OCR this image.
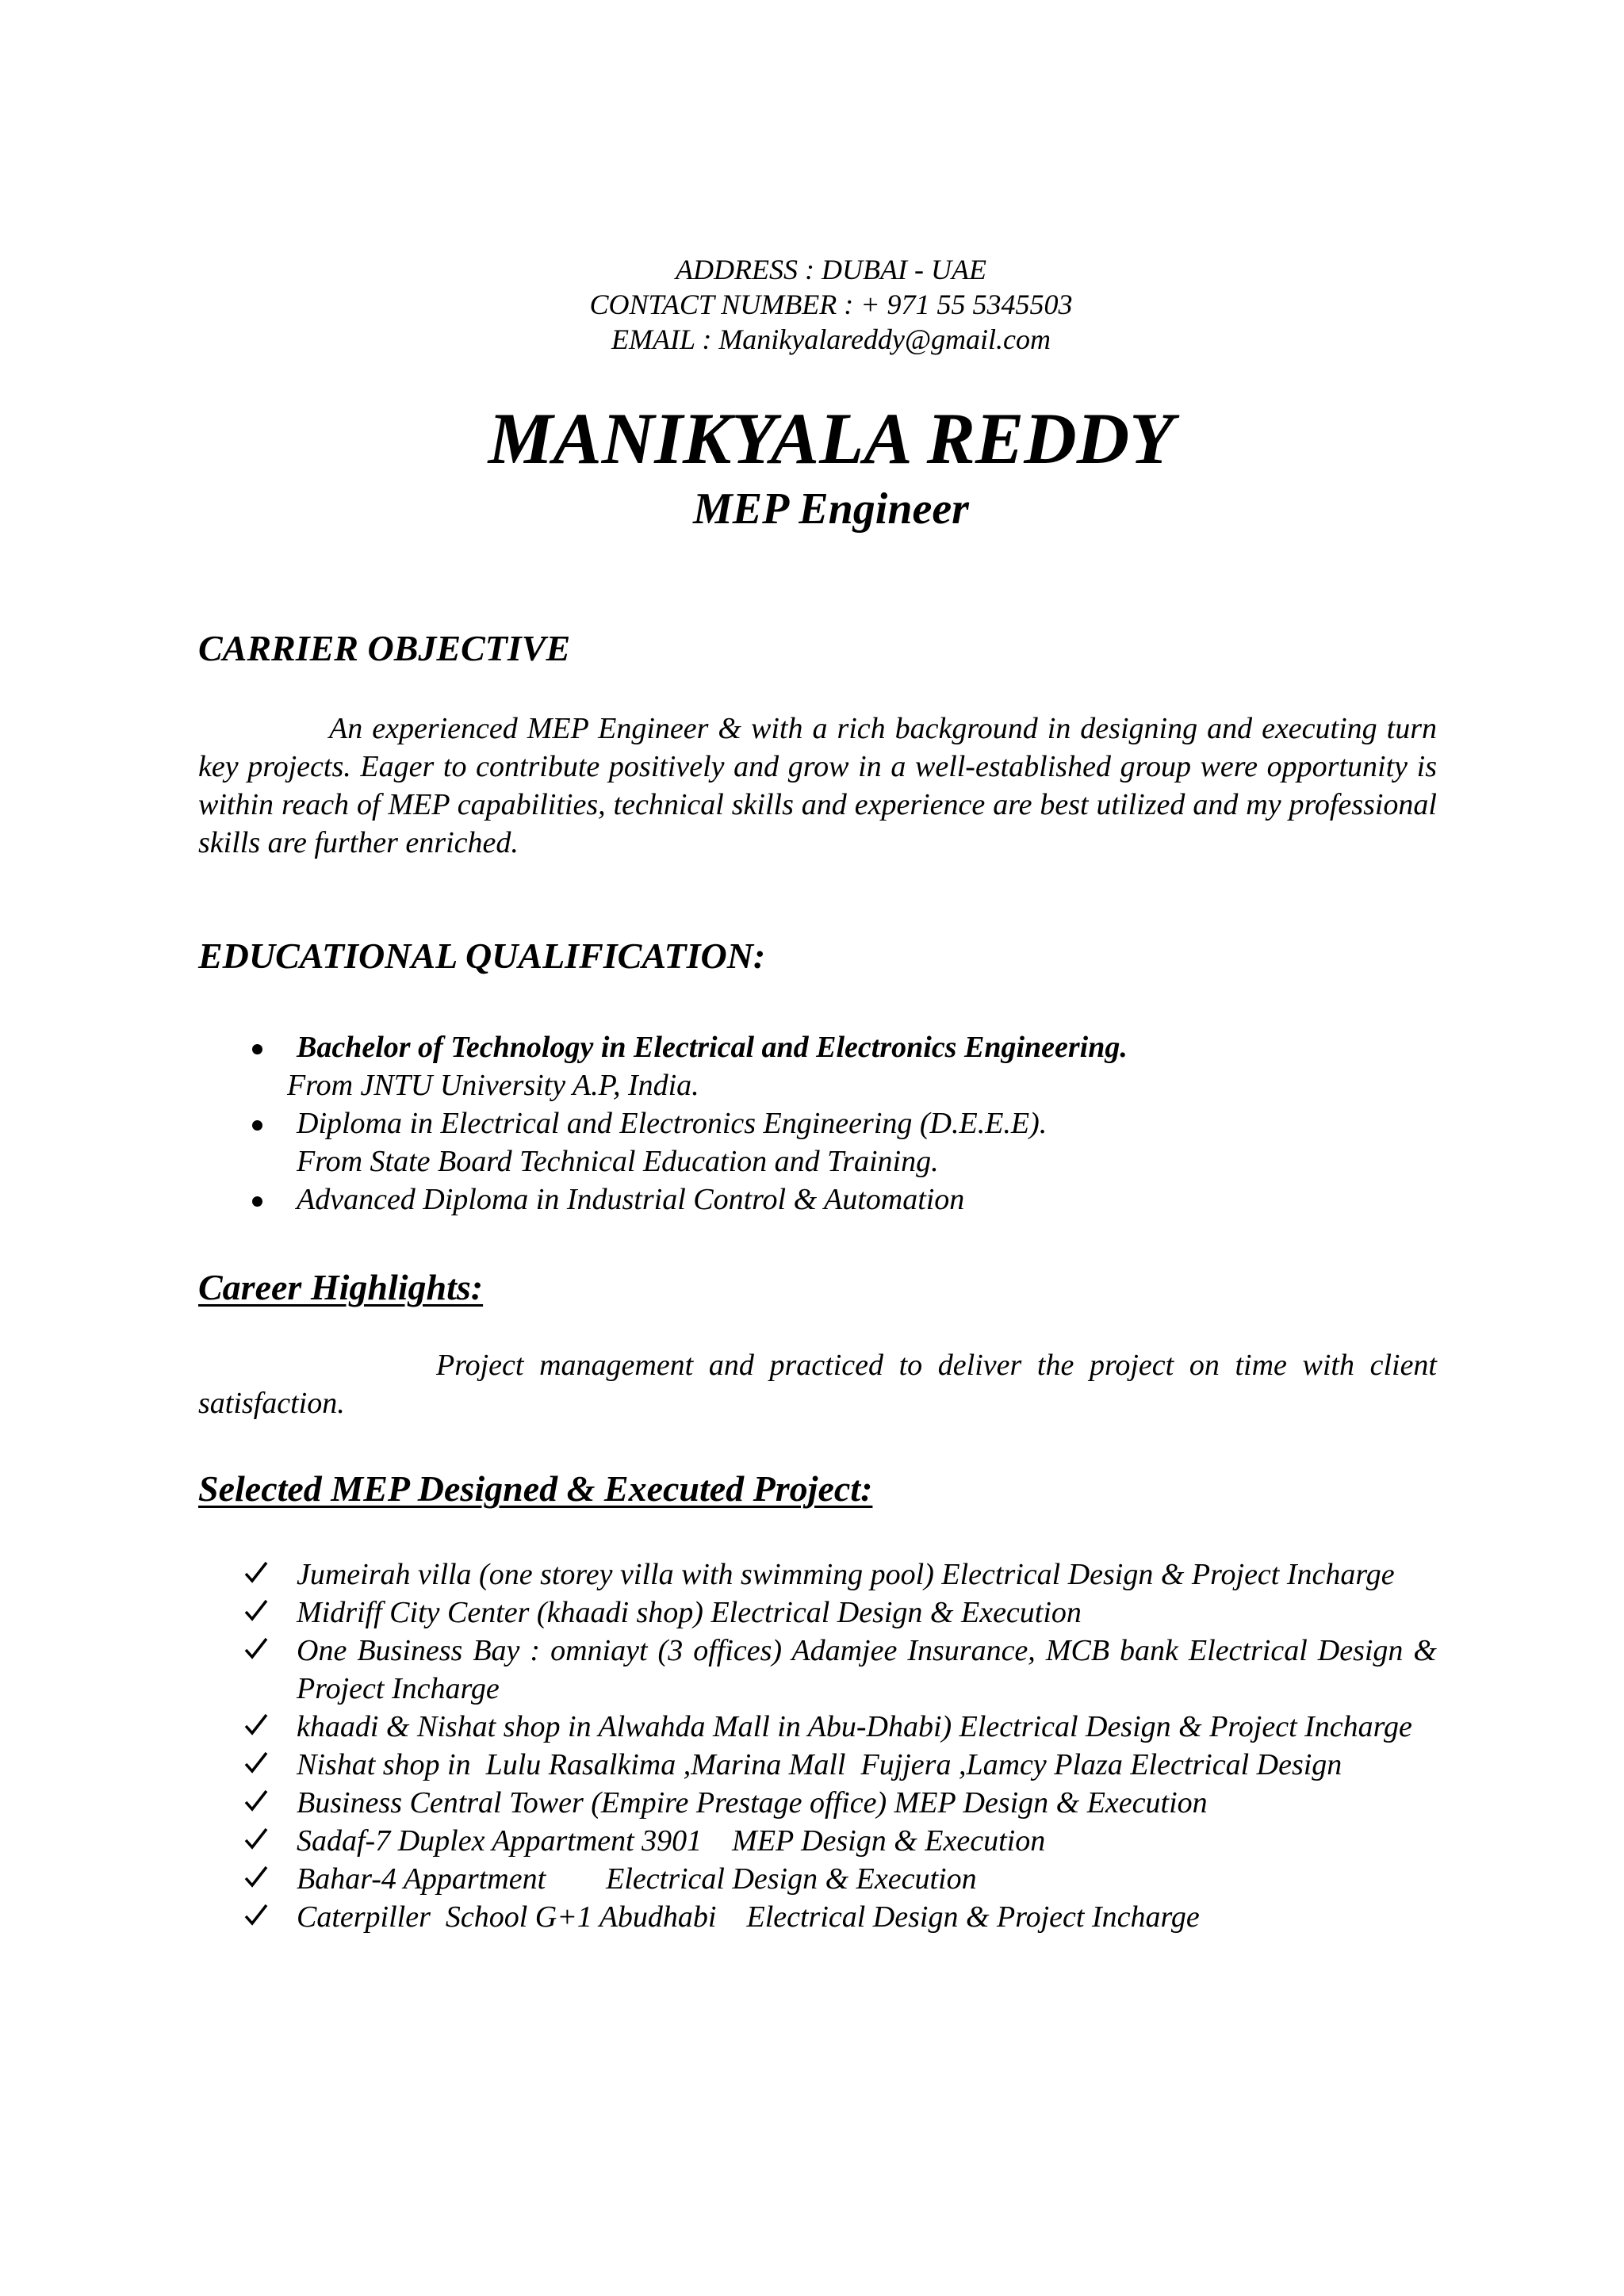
ADDRESS : DUBAI - UAE
CONTACT NUMBER : + 971 55 5345503
EMAIL : Manikyalareddy@gmail.com
MANIKYALA REDDY
MEP Engineer
CARRIER OBJECTIVE
An experienced MEP Engineer & with a rich background in designing and executing turn key projects. Eager to contribute positively and grow in a well-established group were opportunity is within reach of MEP capabilities, technical skills and experience are best utilized and my professional skills are further enriched.
EDUCATIONAL QUALIFICATION:
Bachelor of Technology in Electrical and Electronics Engineering.
From JNTU University A.P, India.
Diploma in Electrical and Electronics Engineering (D.E.E.E).
From State Board Technical Education and Training.
Advanced Diploma in Industrial Control & Automation
Career Highlights:
Project management and practiced to deliver the project on time with client satisfaction.
Selected MEP Designed & Executed Project:
Jumeirah villa (one storey villa with swimming pool) Electrical Design & Project Incharge
Midriff City Center (khaadi shop) Electrical Design & Execution
One Business Bay : omniayt (3 offices) Adamjee Insurance, MCB bank Electrical Design & Project Incharge
khaadi & Nishat shop in Alwahda Mall in Abu-Dhabi) Electrical Design & Project Incharge
Nishat shop in  Lulu Rasalkima ,Marina Mall  Fujjera ,Lamcy Plaza Electrical Design
Business Central Tower (Empire Prestage office) MEP Design & Execution
Sadaf-7 Duplex Appartment 3901    MEP Design & Execution
Bahar-4 Appartment        Electrical Design & Execution
Caterpiller  School G+1 Abudhabi    Electrical Design & Project Incharge
